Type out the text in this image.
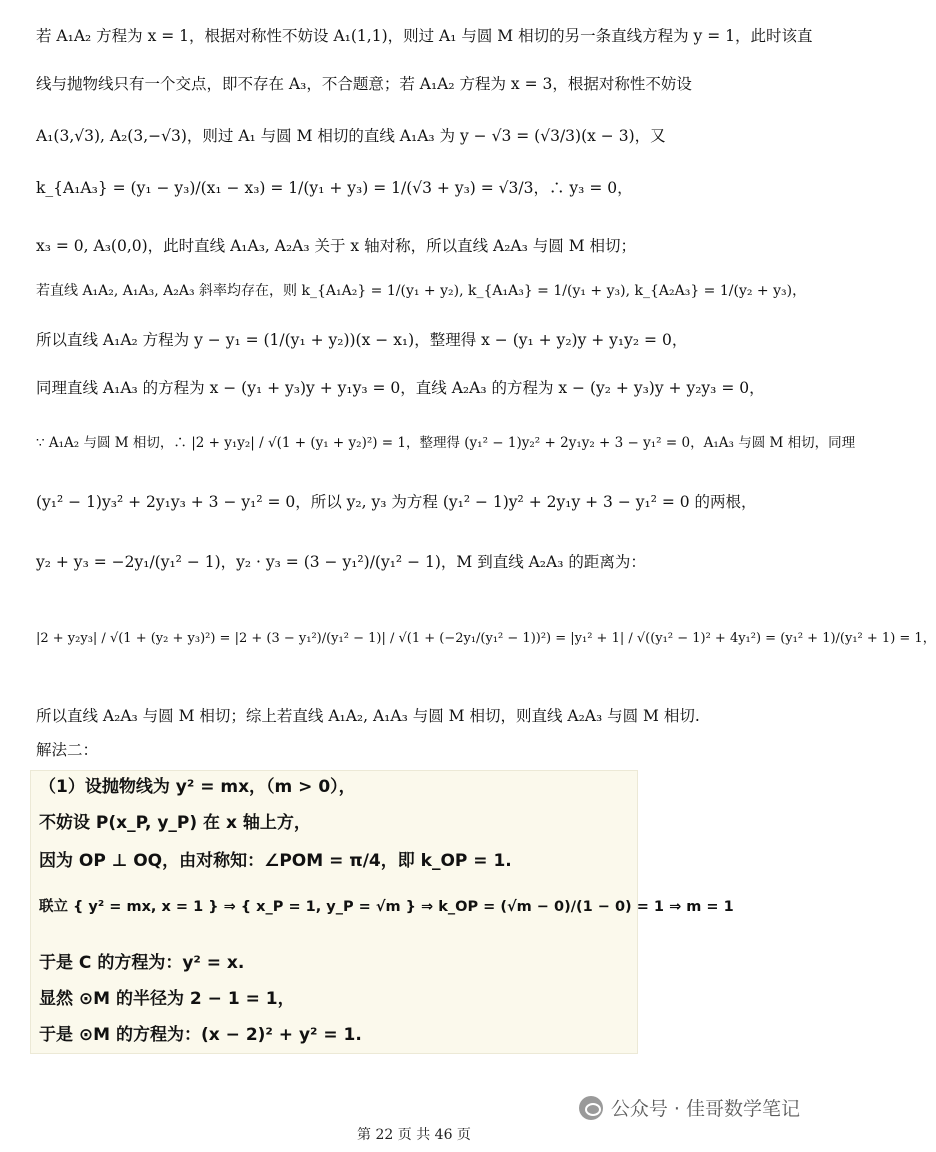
若 A₁A₂ 方程为 x = 1，根据对称性不妨设 A₁(1,1)，则过 A₁ 与圆 M 相切的另一条直线方程为 y = 1，此时该直
线与抛物线只有一个交点，即不存在 A₃，不合题意；若 A₁A₂ 方程为 x = 3，根据对称性不妨设
A₁(3,√3), A₂(3,−√3)，则过 A₁ 与圆 M 相切的直线 A₁A₃ 为 y − √3 = (√3/3)(x − 3)，又
k_{A₁A₃} = (y₁ − y₃)/(x₁ − x₃) = 1/(y₁ + y₃) = 1/(√3 + y₃) = √3/3，∴ y₃ = 0，
x₃ = 0, A₃(0,0)，此时直线 A₁A₃, A₂A₃ 关于 x 轴对称，所以直线 A₂A₃ 与圆 M 相切；
若直线 A₁A₂, A₁A₃, A₂A₃ 斜率均存在，则 k_{A₁A₂} = 1/(y₁ + y₂), k_{A₁A₃} = 1/(y₁ + y₃), k_{A₂A₃} = 1/(y₂ + y₃)，
所以直线 A₁A₂ 方程为 y − y₁ = (1/(y₁ + y₂))(x − x₁)，整理得 x − (y₁ + y₂)y + y₁y₂ = 0，
同理直线 A₁A₃ 的方程为 x − (y₁ + y₃)y + y₁y₃ = 0，直线 A₂A₃ 的方程为 x − (y₂ + y₃)y + y₂y₃ = 0，
∵ A₁A₂ 与圆 M 相切，∴ |2 + y₁y₂| / √(1 + (y₁ + y₂)²) = 1，整理得 (y₁² − 1)y₂² + 2y₁y₂ + 3 − y₁² = 0，A₁A₃ 与圆 M 相切，同理
(y₁² − 1)y₃² + 2y₁y₃ + 3 − y₁² = 0，所以 y₂, y₃ 为方程 (y₁² − 1)y² + 2y₁y + 3 − y₁² = 0 的两根，
y₂ + y₃ = −2y₁/(y₁² − 1)，y₂ · y₃ = (3 − y₁²)/(y₁² − 1)，M 到直线 A₂A₃ 的距离为：
|2 + y₂y₃| / √(1 + (y₂ + y₃)²) = |2 + (3 − y₁²)/(y₁² − 1)| / √(1 + (−2y₁/(y₁² − 1))²) = |y₁² + 1| / √((y₁² − 1)² + 4y₁²) = (y₁² + 1)/(y₁² + 1) = 1，
所以直线 A₂A₃ 与圆 M 相切；综上若直线 A₁A₂, A₁A₃ 与圆 M 相切，则直线 A₂A₃ 与圆 M 相切.
解法二：
（1）设抛物线为 y² = mx，（m > 0），
不妨设 P(x_P, y_P) 在 x 轴上方，
因为 OP ⊥ OQ，由对称知：∠POM = π/4，即 k_OP = 1.
联立 { y² = mx, x = 1 } ⇒ { x_P = 1, y_P = √m } ⇒ k_OP = (√m − 0)/(1 − 0) = 1 ⇒ m = 1
于是 C 的方程为：y² = x.
显然 ⊙M 的半径为 2 − 1 = 1，
于是 ⊙M 的方程为：(x − 2)² + y² = 1.
公众号 · 佳哥数学笔记
第 22 页 共 46 页
